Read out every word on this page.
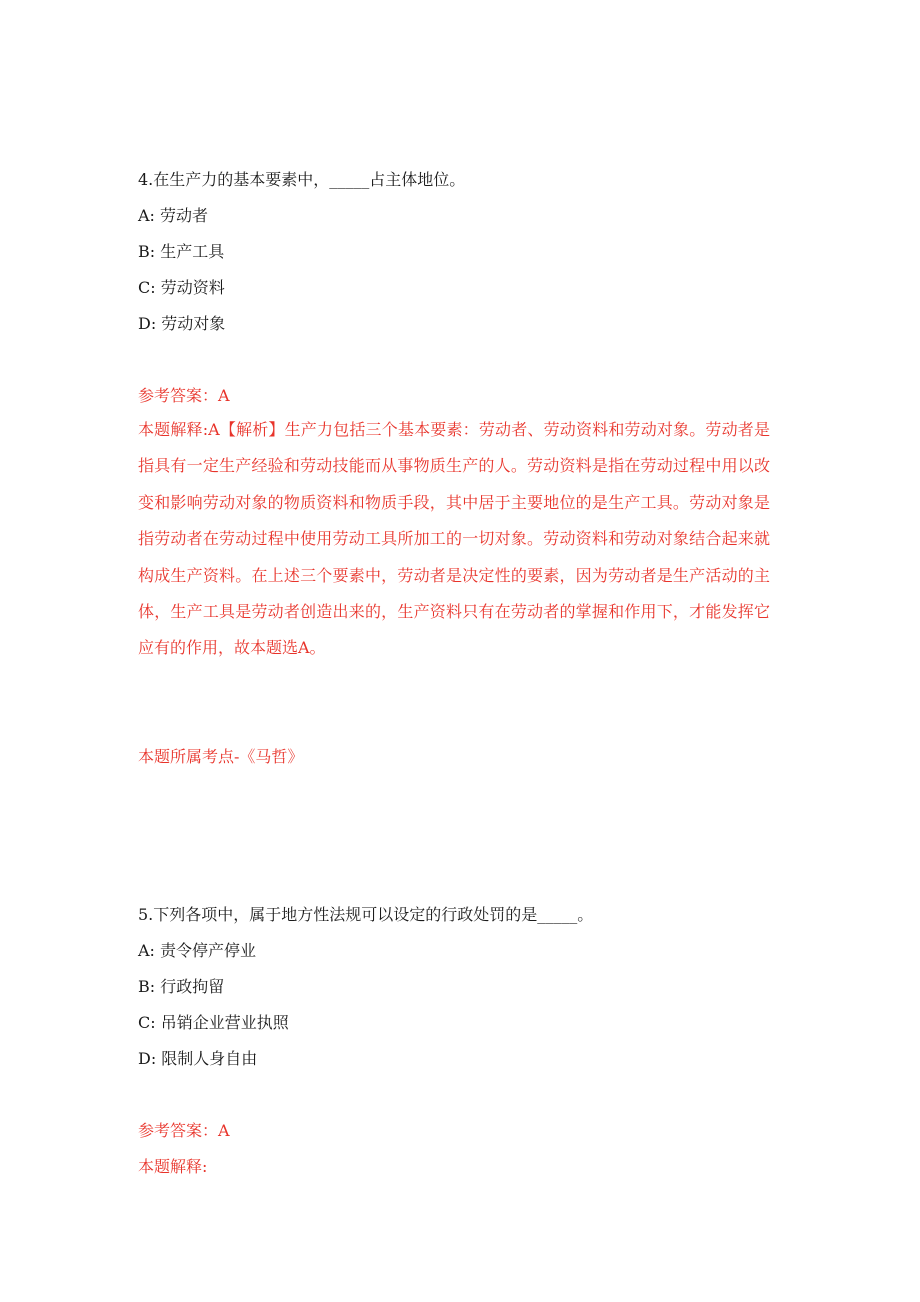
4.在生产力的基本要素中，_____占主体地位。
A: 劳动者
B: 生产工具
C: 劳动资料
D: 劳动对象
参考答案：A
本题解释:A【解析】生产力包括三个基本要素：劳动者、劳动资料和劳动对象。劳动者是指具有一定生产经验和劳动技能而从事物质生产的人。劳动资料是指在劳动过程中用以改变和影响劳动对象的物质资料和物质手段，其中居于主要地位的是生产工具。劳动对象是指劳动者在劳动过程中使用劳动工具所加工的一切对象。劳动资料和劳动对象结合起来就构成生产资料。在上述三个要素中，劳动者是决定性的要素，因为劳动者是生产活动的主体，生产工具是劳动者创造出来的，生产资料只有在劳动者的掌握和作用下，才能发挥它应有的作用，故本题选A。
本题所属考点-《马哲》
5.下列各项中，属于地方性法规可以设定的行政处罚的是_____。
A: 责令停产停业
B: 行政拘留
C: 吊销企业营业执照
D: 限制人身自由
参考答案：A
本题解释:
